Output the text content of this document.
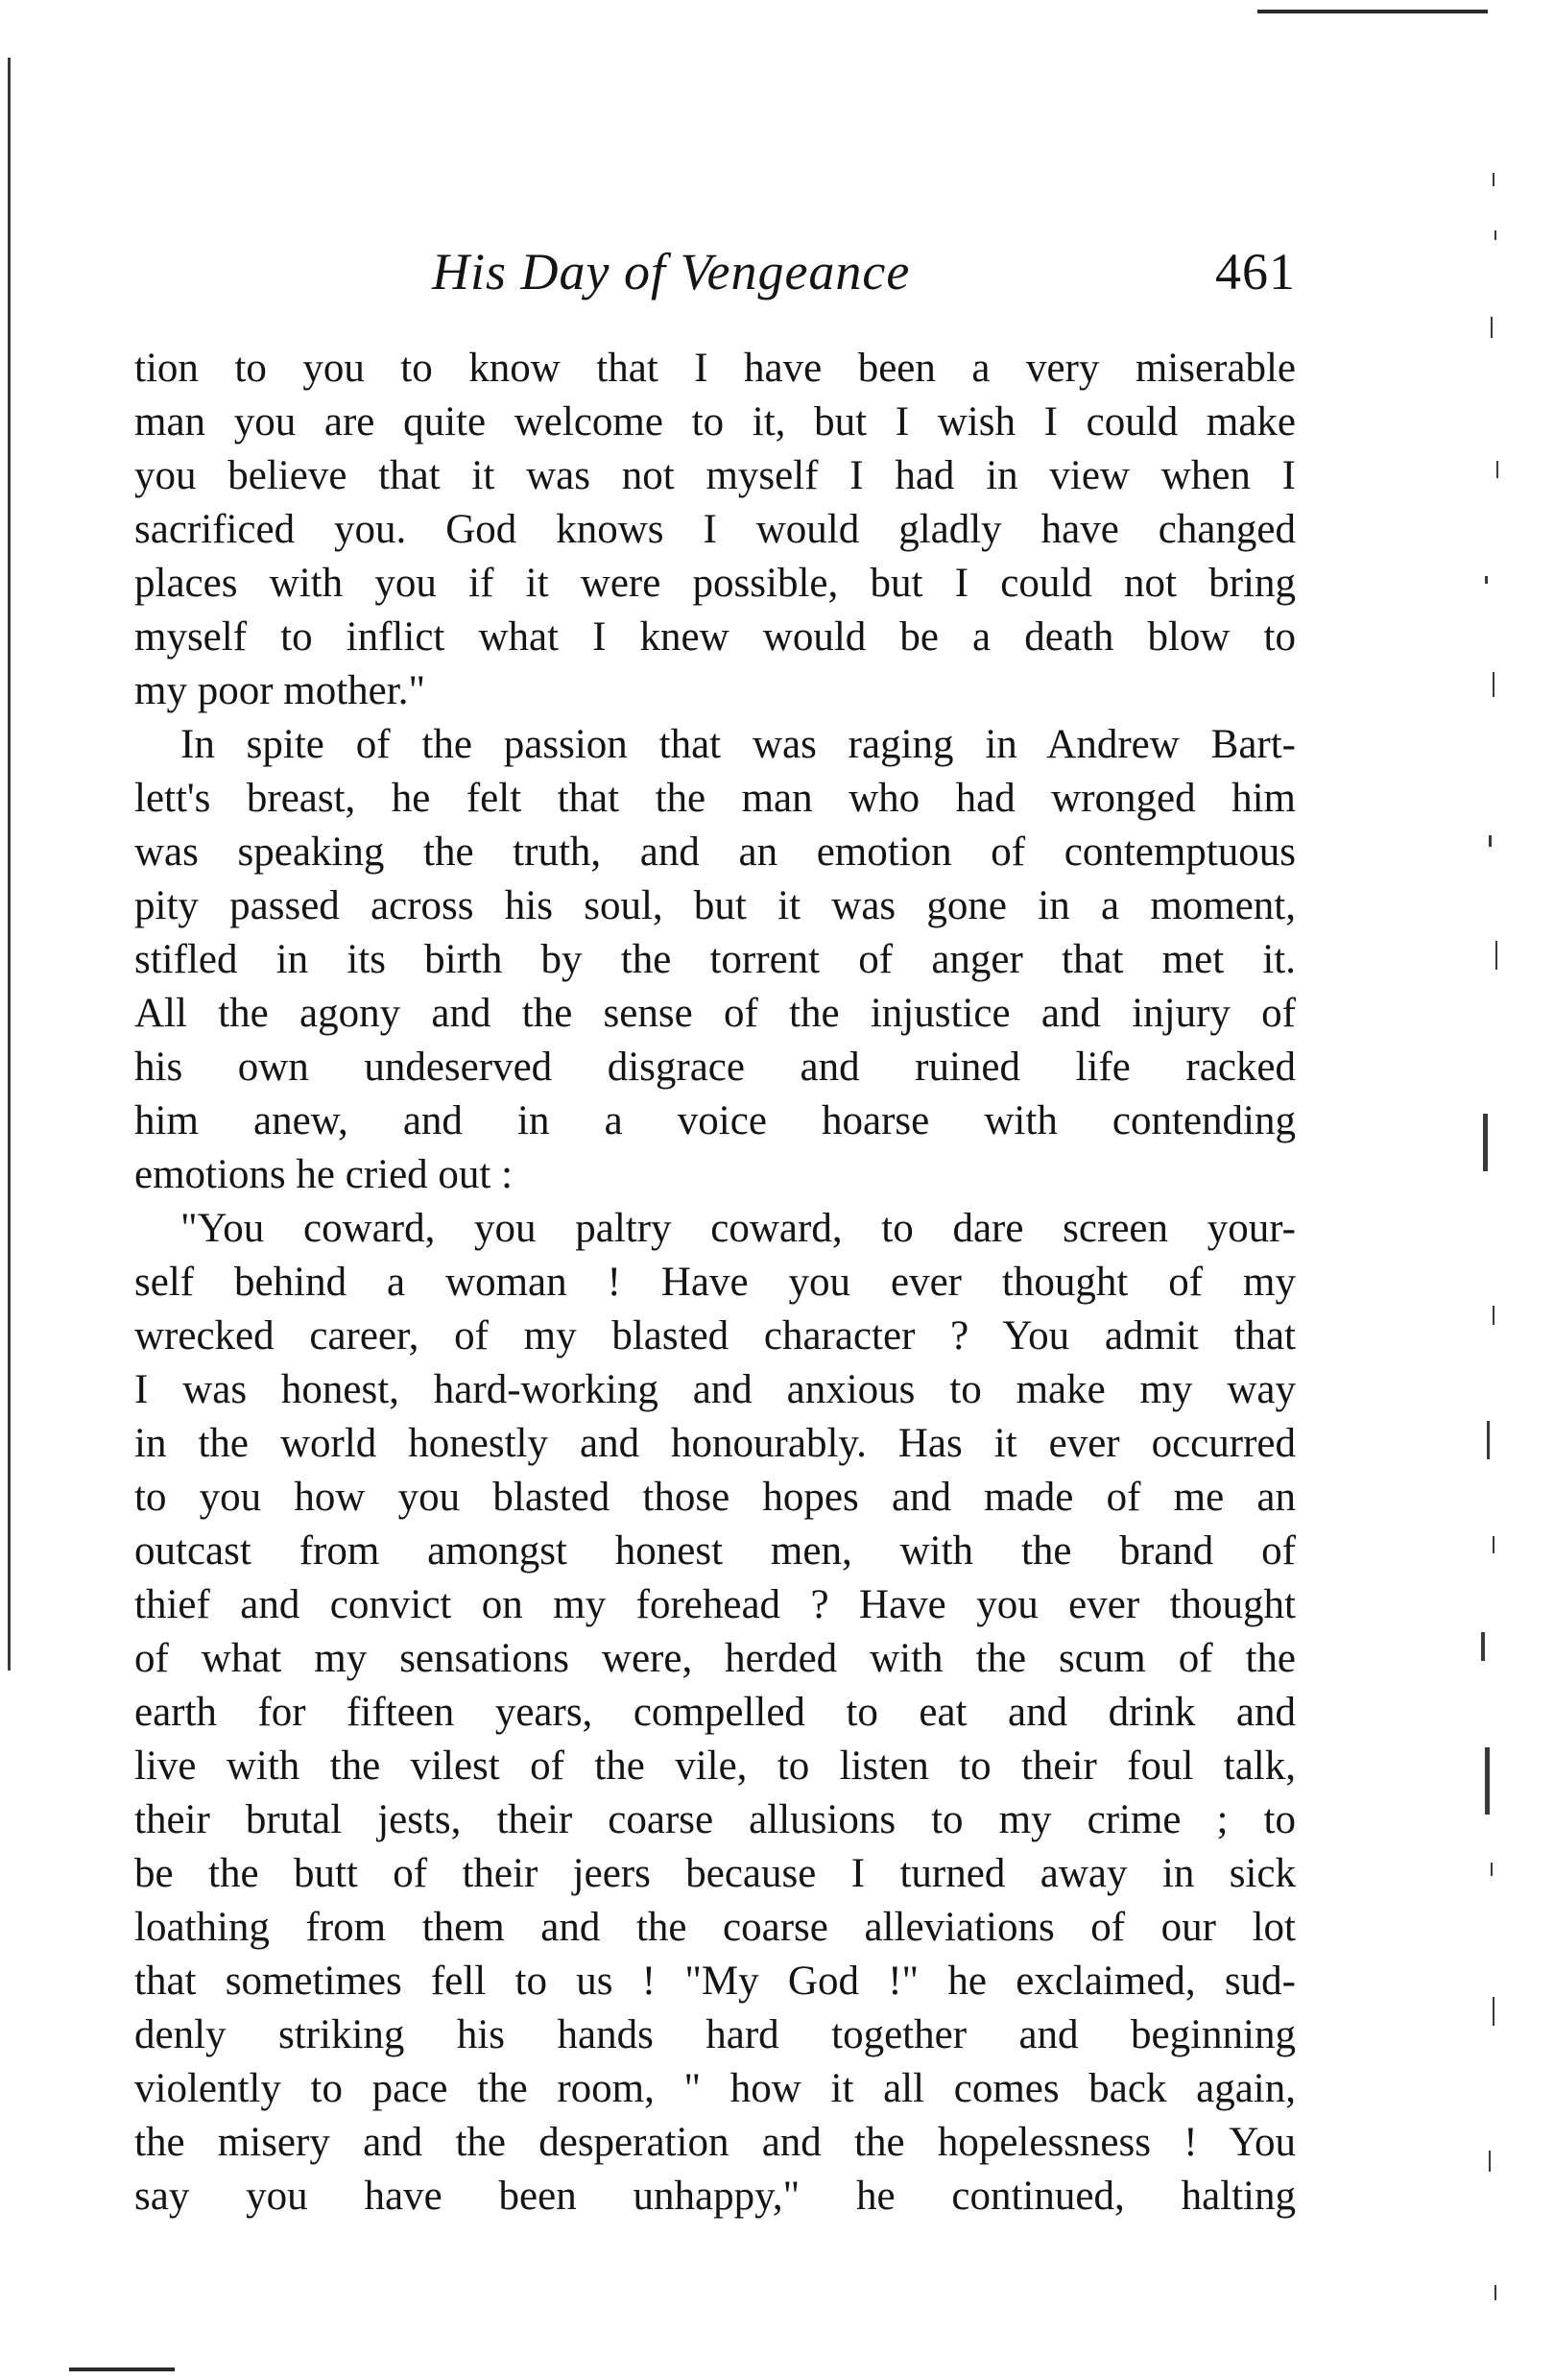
His Day of Vengeance	461
tion to you to know that I have been a very miserable
man you are quite welcome to it, but I wish I could make
you believe that it was not myself I had in view when I
sacrificed you. God knows I would gladly have changed
places with you if it were possible, but I could not bring
myself to inflict what I knew would be a death blow to
my poor mother."
In spite of the passion that was raging in Andrew Bart-
lett's breast, he felt that the man who had wronged him
was speaking the truth, and an emotion of contemptuous
pity passed across his soul, but it was gone in a moment,
stifled in its birth by the torrent of anger that met it.
All the agony and the sense of the injustice and injury of
his own undeserved disgrace and ruined life racked
him anew, and in a voice hoarse with contending
emotions he cried out :
"You coward, you paltry coward, to dare screen your-
self behind a woman ! Have you ever thought of my
wrecked career, of my blasted character ? You admit that
I was honest, hard-working and anxious to make my way
in the world honestly and honourably. Has it ever occurred
to you how you blasted those hopes and made of me an
outcast from amongst honest men, with the brand of
thief and convict on my forehead ? Have you ever thought
of what my sensations were, herded with the scum of the
earth for fifteen years, compelled to eat and drink and
live with the vilest of the vile, to listen to their foul talk,
their brutal jests, their coarse allusions to my crime ; to
be the butt of their jeers because I turned away in sick
loathing from them and the coarse alleviations of our lot
that sometimes fell to us ! "My God !" he exclaimed, sud-
denly striking his hands hard together and beginning
violently to pace the room, " how it all comes back again,
the misery and the desperation and the hopelessness ! You
say you have been unhappy," he continued, halting
